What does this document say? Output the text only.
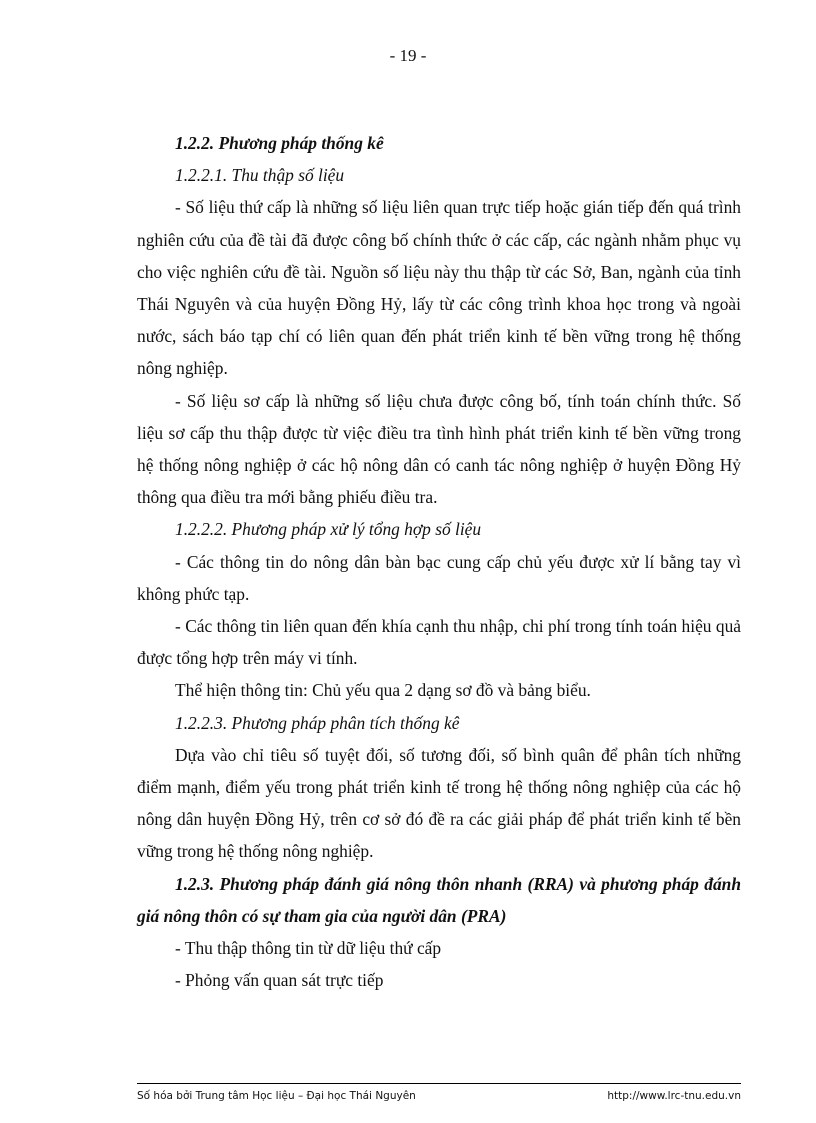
- 19 -

1.2.2. Phương pháp thống kê

1.2.2.1. Thu thập số liệu

- Số liệu thứ cấp là những số liệu liên quan trực tiếp hoặc gián tiếp đến quá trình nghiên cứu của đề tài đã được công bố chính thức ở các cấp, các ngành nhằm phục vụ cho việc nghiên cứu đề tài. Nguồn số liệu này thu thập từ các Sở, Ban, ngành của tỉnh Thái Nguyên và của huyện Đồng Hỷ, lấy từ các công trình khoa học trong và ngoài nước, sách báo tạp chí có liên quan đến phát triển kinh tế bền vững trong hệ thống nông nghiệp.

- Số liệu sơ cấp là những số liệu chưa được công bố, tính toán chính thức. Số liệu sơ cấp thu thập được từ việc điều tra tình hình phát triển kinh tế bền vững trong hệ thống nông nghiệp ở các hộ nông dân có canh tác nông nghiệp ở huyện Đồng Hỷ thông qua điều tra mới bằng phiếu điều tra.

1.2.2.2. Phương pháp xử lý tổng hợp số liệu

- Các thông tin do nông dân bàn bạc cung cấp chủ yếu được xử lí bằng tay vì không phức tạp.

- Các thông tin liên quan đến khía cạnh thu nhập, chi phí trong tính toán hiệu quả được tổng hợp trên máy vi tính.

Thể hiện thông tin: Chủ yếu qua 2 dạng sơ đồ và bảng biểu.

1.2.2.3. Phương pháp phân tích thống kê

Dựa vào chỉ tiêu số tuyệt đối, số tương đối, số bình quân để phân tích những điểm mạnh, điểm yếu trong phát triển kinh tế trong hệ thống nông nghiệp của các hộ nông dân huyện Đồng Hỷ, trên cơ sở đó đề ra các giải pháp để phát triển kinh tế bền vững trong hệ thống nông nghiệp.

1.2.3. Phương pháp đánh giá nông thôn nhanh (RRA) và phương pháp đánh giá nông thôn có sự tham gia của người dân (PRA)

- Thu thập thông tin từ dữ liệu thứ cấp

- Phỏng vấn quan sát trực tiếp

Số hóa bởi Trung tâm Học liệu – Đại học Thái Nguyên	http://www.lrc-tnu.edu.vn
